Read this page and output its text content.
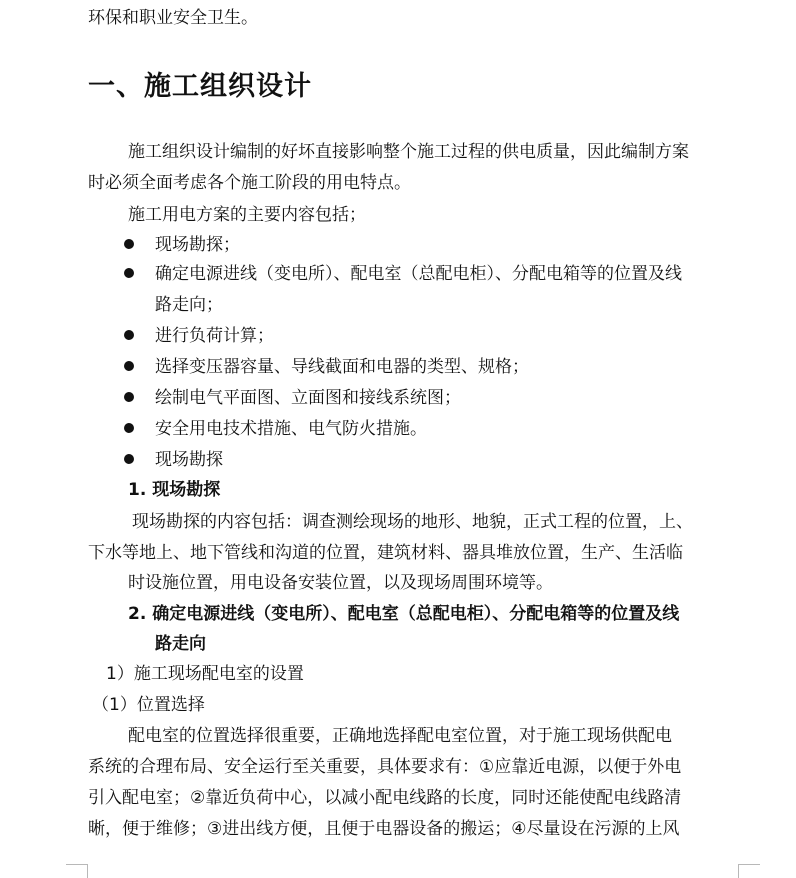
环保和职业安全卫生。
一、施工组织设计
施工组织设计编制的好坏直接影响整个施工过程的供电质量，因此编制方案
时必须全面考虑各个施工阶段的用电特点。
施工用电方案的主要内容包括；
现场勘探；
确定电源进线（变电所）、配电室（总配电柜）、分配电箱等的位置及线
路走向；
进行负荷计算；
选择变压器容量、导线截面和电器的类型、规格；
绘制电气平面图、立面图和接线系统图；
安全用电技术措施、电气防火措施。
现场勘探
1. 现场勘探
现场勘探的内容包括：调查测绘现场的地形、地貌，正式工程的位置，上、
下水等地上、地下管线和沟道的位置，建筑材料、器具堆放位置，生产、生活临
时设施位置，用电设备安装位置，以及现场周围环境等。
2. 确定电源进线（变电所）、配电室（总配电柜）、分配电箱等的位置及线
路走向
1）施工现场配电室的设置
（1）位置选择
配电室的位置选择很重要，正确地选择配电室位置，对于施工现场供配电
系统的合理布局、安全运行至关重要，具体要求有：①应靠近电源，以便于外电
引入配电室；②靠近负荷中心，以减小配电线路的长度，同时还能使配电线路清
晰，便于维修；③进出线方便，且便于电器设备的搬运；④尽量设在污源的上风
